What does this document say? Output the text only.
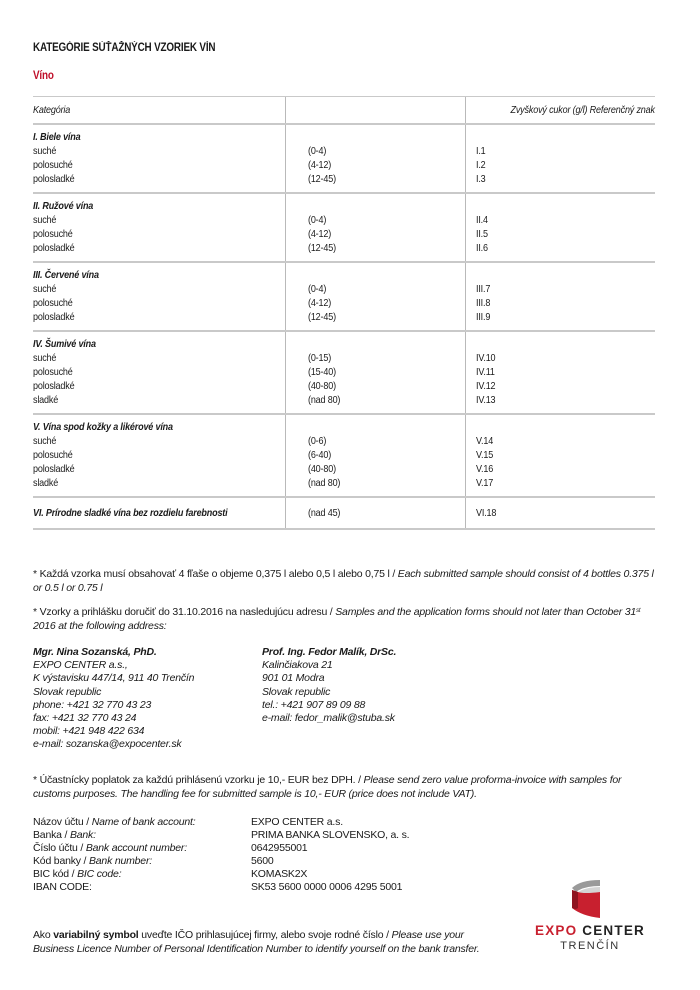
KATEGÓRIE SÚŤAŽNÝCH VZORIEK VÍN
Víno
Kategória	Zvyškový cukor (g/l) Referenčný znak
I. Biele vína
suché	(0-4)	I.1
polosuché	(4-12)	I.2
polosladké	(12-45)	I.3
II. Ružové vína
suché	(0-4)	II.4
polosuché	(4-12)	II.5
polosladké	(12-45)	II.6
III. Červené vína
suché	(0-4)	III.7
polosuché	(4-12)	III.8
polosladké	(12-45)	III.9
IV. Šumivé vína
suché	(0-15)	IV.10
polosuché	(15-40)	IV.11
polosladké	(40-80)	IV.12
sladké	(nad 80)	IV.13
V. Vína spod kožky a likérové vína
suché	(0-6)	V.14
polosuché	(6-40)	V.15
polosladké	(40-80)	V.16
sladké	(nad 80)	V.17
VI. Prírodne sladké vína bez rozdielu farebnosti	(nad 45)	VI.18
* Každá vzorka musí obsahovať 4 fľaše o objeme 0,375 l alebo 0,5 l alebo 0,75 l / Each submitted sample should consist of 4 bottles 0.375 l or 0.5 l or 0.75 l
* Vzorky a prihlášku doručiť do 31.10.2016 na nasledujúcu adresu / Samples and the application forms should not later than October 31st 2016 at the following address:
Mgr. Nina Sozanská, PhD.
EXPO CENTER a.s.,
K výstavisku 447/14, 911 40 Trenčín
Slovak republic
phone: +421 32 770 43 23
fax: +421 32 770 43 24
mobil: +421 948 422 634
e-mail: sozanska@expocenter.sk
Prof. Ing. Fedor Malík, DrSc.
Kalinčiakova 21
901 01 Modra
Slovak republic
tel.: +421 907 89 09 88
e-mail: fedor_malik@stuba.sk
* Účastnícky poplatok za každú prihlásenú vzorku je 10,- EUR bez DPH. / Please send zero value proforma-invoice with samples for customs purposes. The handling fee for submitted sample is 10,- EUR (price does not include VAT).
Názov účtu / Name of bank account:	EXPO CENTER a.s.
Banka / Bank:	PRIMA BANKA SLOVENSKO, a. s.
Číslo účtu / Bank account number:	0642955001
Kód banky / Bank number:	5600
BIC kód / BIC code:	KOMASK2X
IBAN CODE:	SK53 5600 0000 0006 4295 5001
Ako variabilný symbol uveďte IČO prihlasujúcej firmy, alebo svoje rodné číslo / Please use your Business Licence Number of Personal Identification Number to identify yourself on the bank transfer.
EXPO CENTER
TRENČÍN
